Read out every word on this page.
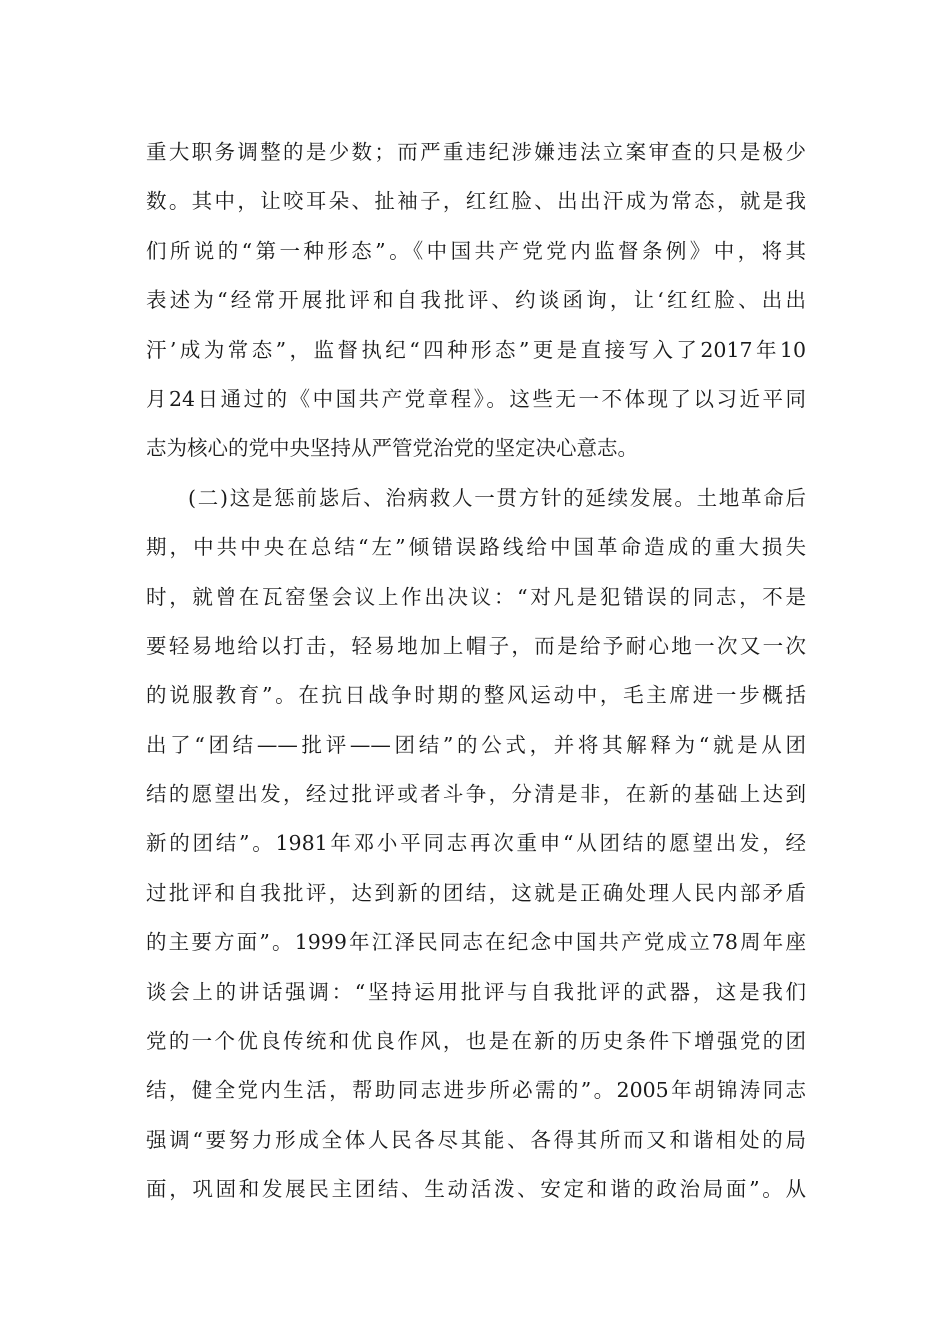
重大职务调整的是少数；而严重违纪涉嫌违法立案审查的只是极少
数。其中，让咬耳朵、扯袖子，红红脸、出出汗成为常态，就是我
们所说的“第一种形态”。《中国共产党党内监督条例》中，将其
表述为“经常开展批评和自我批评、约谈函询，让‘红红脸、出出
汗’成为常态”，监督执纪“四种形态”更是直接写入了2017年10
月24日通过的《中国共产党章程》。这些无一不体现了以习近平同
志为核心的党中央坚持从严管党治党的坚定决心意志。
(二)这是惩前毖后、治病救人一贯方针的延续发展。土地革命后
期，中共中央在总结“左”倾错误路线给中国革命造成的重大损失
时，就曾在瓦窑堡会议上作出决议：“对凡是犯错误的同志，不是
要轻易地给以打击，轻易地加上帽子，而是给予耐心地一次又一次
的说服教育”。在抗日战争时期的整风运动中，毛主席进一步概括
出了“团结——批评——团结”的公式，并将其解释为“就是从团
结的愿望出发，经过批评或者斗争，分清是非，在新的基础上达到
新的团结”。1981年邓小平同志再次重申“从团结的愿望出发，经
过批评和自我批评，达到新的团结，这就是正确处理人民内部矛盾
的主要方面”。1999年江泽民同志在纪念中国共产党成立78周年座
谈会上的讲话强调：“坚持运用批评与自我批评的武器，这是我们
党的一个优良传统和优良作风，也是在新的历史条件下增强党的团
结，健全党内生活，帮助同志进步所必需的”。2005年胡锦涛同志
强调“要努力形成全体人民各尽其能、各得其所而又和谐相处的局
面，巩固和发展民主团结、生动活泼、安定和谐的政治局面”。从
